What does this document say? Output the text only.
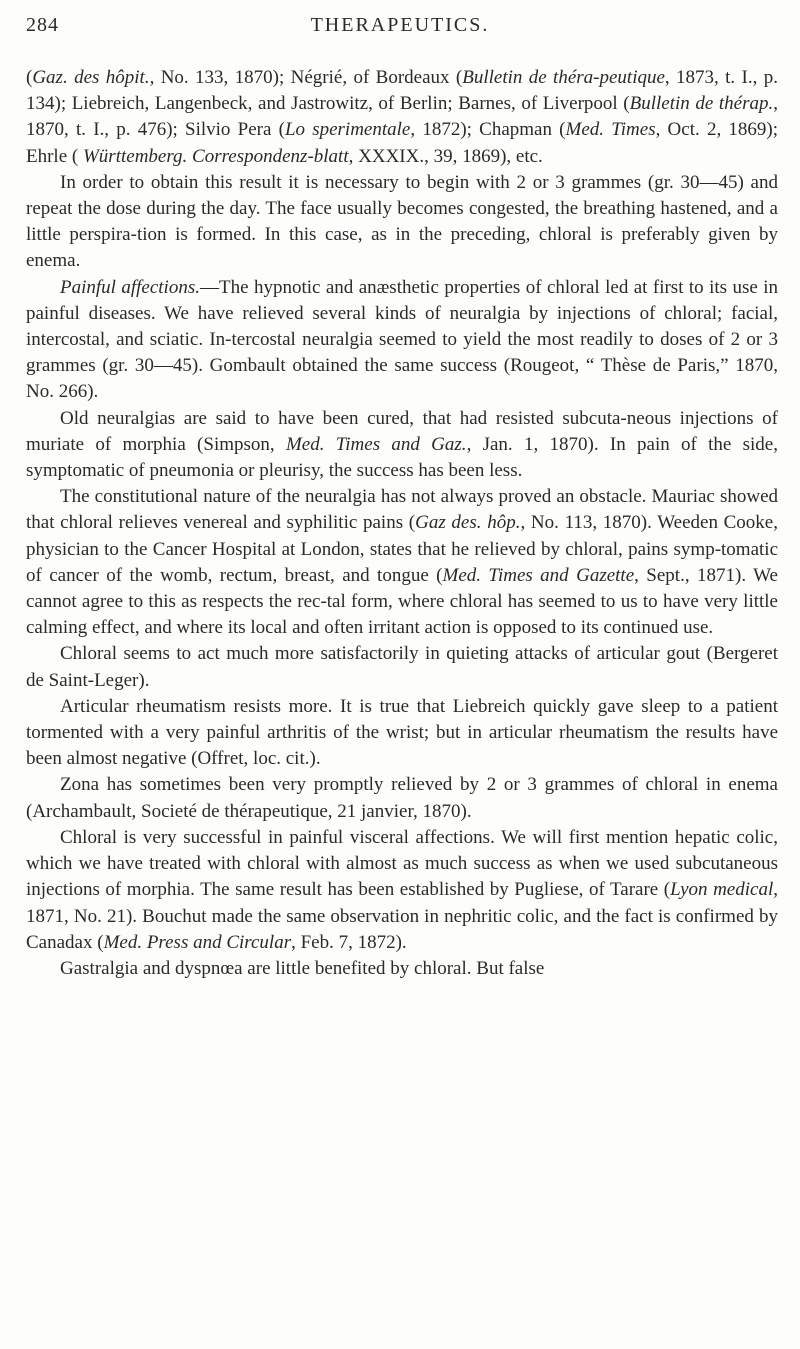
284	THERAPEUTICS.

(Gaz. des hôpit., No. 133, 1870); Négrié, of Bordeaux (Bulletin de théra-peutique, 1873, t. I., p. 134); Liebreich, Langenbeck, and Jastrowitz, of Berlin; Barnes, of Liverpool (Bulletin de thérap., 1870, t. I., p. 476); Silvio Pera (Lo sperimentale, 1872); Chapman (Med. Times, Oct. 2, 1869); Ehrle ( Württemberg. Correspondenz-blatt, XXXIX., 39, 1869), etc.

In order to obtain this result it is necessary to begin with 2 or 3 grammes (gr. 30—45) and repeat the dose during the day. The face usually becomes congested, the breathing hastened, and a little perspira-tion is formed. In this case, as in the preceding, chloral is preferably given by enema.

Painful affections.—The hypnotic and anæsthetic properties of chloral led at first to its use in painful diseases. We have relieved several kinds of neuralgia by injections of chloral; facial, intercostal, and sciatic. In-tercostal neuralgia seemed to yield the most readily to doses of 2 or 3 grammes (gr. 30—45). Gombault obtained the same success (Rougeot, “ Thèse de Paris,” 1870, No. 266).

Old neuralgias are said to have been cured, that had resisted subcuta-neous injections of muriate of morphia (Simpson, Med. Times and Gaz., Jan. 1, 1870). In pain of the side, symptomatic of pneumonia or pleurisy, the success has been less.

The constitutional nature of the neuralgia has not always proved an obstacle. Mauriac showed that chloral relieves venereal and syphilitic pains (Gaz des. hôp., No. 113, 1870). Weeden Cooke, physician to the Cancer Hospital at London, states that he relieved by chloral, pains symp-tomatic of cancer of the womb, rectum, breast, and tongue (Med. Times and Gazette, Sept., 1871). We cannot agree to this as respects the rec-tal form, where chloral has seemed to us to have very little calming effect, and where its local and often irritant action is opposed to its continued use.

Chloral seems to act much more satisfactorily in quieting attacks of articular gout (Bergeret de Saint-Leger).

Articular rheumatism resists more. It is true that Liebreich quickly gave sleep to a patient tormented with a very painful arthritis of the wrist; but in articular rheumatism the results have been almost negative (Offret, loc. cit.).

Zona has sometimes been very promptly relieved by 2 or 3 grammes of chloral in enema (Archambault, Societé de thérapeutique, 21 janvier, 1870).

Chloral is very successful in painful visceral affections. We will first mention hepatic colic, which we have treated with chloral with almost as much success as when we used subcutaneous injections of morphia. The same result has been established by Pugliese, of Tarare (Lyon medical, 1871, No. 21). Bouchut made the same observation in nephritic colic, and the fact is confirmed by Canadax (Med. Press and Circular, Feb. 7, 1872).

Gastralgia and dyspnœa are little benefited by chloral. But false
